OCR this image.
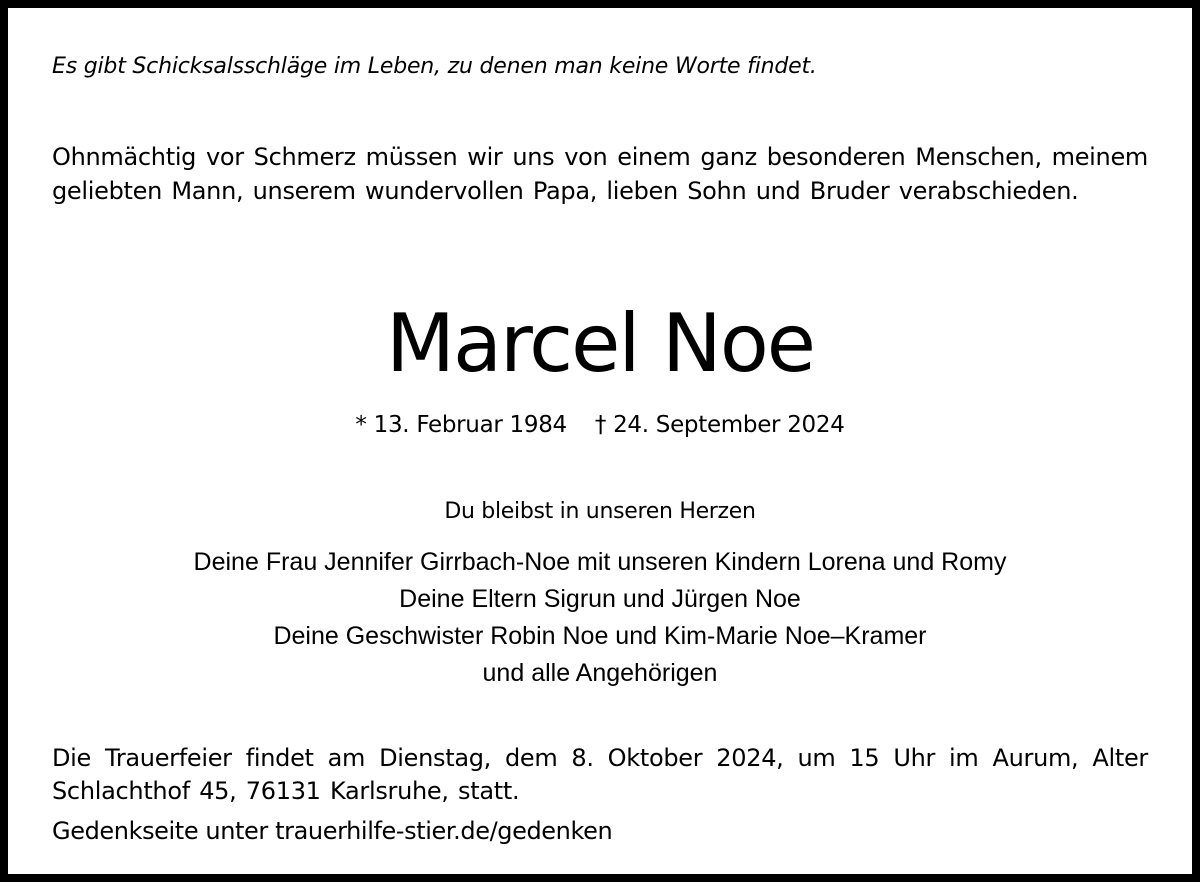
Es gibt Schicksalsschläge im Leben, zu denen man keine Worte findet.
Ohnmächtig vor Schmerz müssen wir uns von einem ganz besonderen Menschen, meinem geliebten Mann, unserem wundervollen Papa, lieben Sohn und Bruder verabschieden.
Marcel Noe
* 13. Februar 1984 † 24. September 2024
Du bleibst in unseren Herzen
Deine Frau Jennifer Girrbach-Noe mit unseren Kindern Lorena und Romy
Deine Eltern Sigrun und Jürgen Noe
Deine Geschwister Robin Noe und Kim-Marie Noe–Kramer
und alle Angehörigen
Die Trauerfeier findet am Dienstag, dem 8. Oktober 2024, um 15 Uhr im Aurum, Alter Schlachthof 45, 76131 Karlsruhe, statt.
Gedenkseite unter trauerhilfe-stier.de/gedenken
